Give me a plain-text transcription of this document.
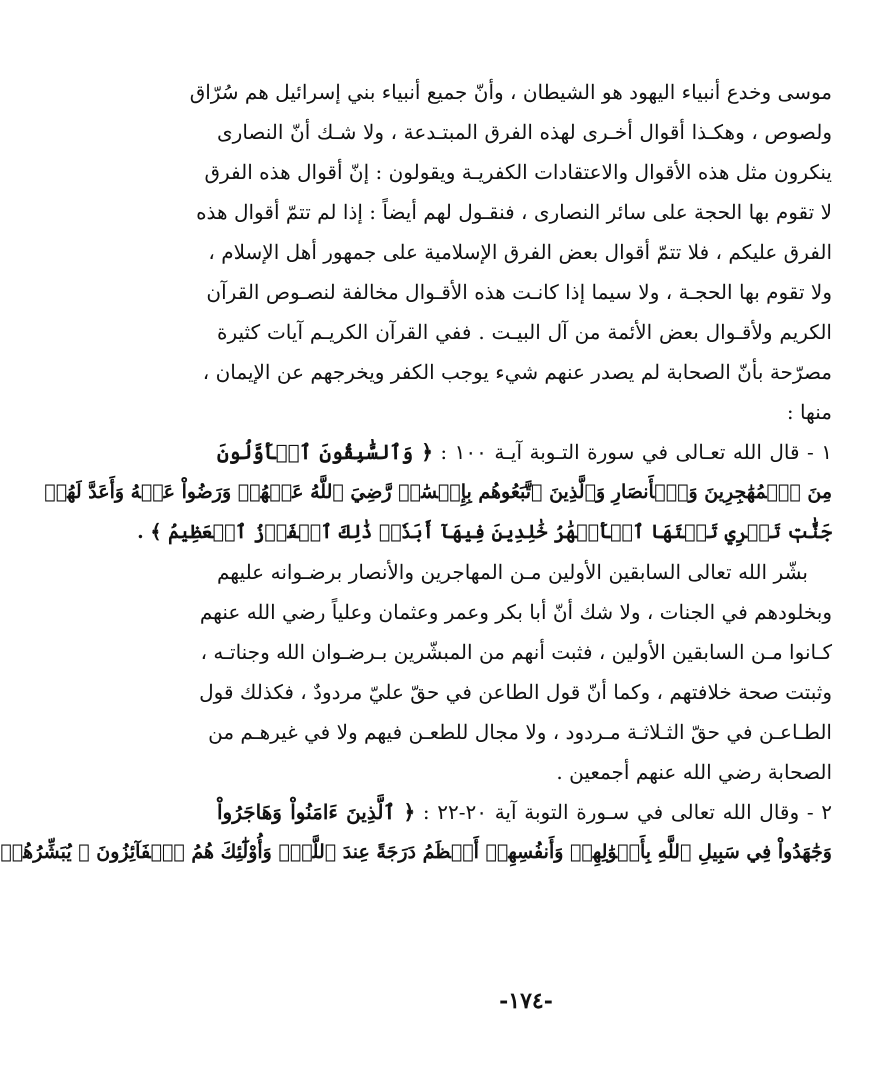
موسى وخدع أنبياء اليهود هو الشيطان ، وأنّ جميع أنبياء بني إسرائيل هم سُرّاق
ولصوص ، وهكـذا أقوال أخـرى لهذه الفرق المبتـدعة ، ولا شـك أنّ النصارى
ينكرون مثل هذه الأقوال والاعتقادات الكفريـة ويقولون : إنّ أقوال هذه الفرق
لا تقوم بها الحجة على سائر النصارى ، فنقـول لهم أيضاً : إذا لم تتمّ أقوال هذه
الفرق عليكم ، فلا تتمّ أقوال بعض الفرق الإسلامية على جمهور أهل الإسلام ،
ولا تقوم بها الحجـة ، ولا سيما إذا كانـت هذه الأقـوال مخالفة لنصـوص القرآن
الكريم ولأقـوال بعض الأئمة من آل البيـت . ففي القرآن الكريـم آيات كثيرة
مصرّحة بأنّ الصحابة لم يصدر عنهم شيء يوجب الكفر ويخرجهم عن الإيمان ،
منها :
١ - قال الله تعـالى في سورة التـوبة آيـة ١٠٠ : ﴿ وَٱلسَّٰبِقُونَ ٱلۡأَوَّلُونَ
مِنَ ٱلۡمُهَٰجِرِينَ وَٱلۡأَنصَارِ وَٱلَّذِينَ ٱتَّبَعُوهُم بِإِحۡسَٰنٖ رَّضِيَ ٱللَّهُ عَنۡهُمۡ وَرَضُواْ عَنۡهُ وَأَعَدَّ لَهُمۡ
جَنَّٰتٖ تَجۡرِي تَحۡتَهَا ٱلۡأَنۡهَٰرُ خَٰلِدِينَ فِيهَآ أَبَدٗاۚ ذَٰلِكَ ٱلۡفَوۡزُ ٱلۡعَظِيمُ ﴾ .
بشّر الله تعالى السابقين الأولين مـن المهاجرين والأنصار برضـوانه عليهم
وبخلودهم في الجنات ، ولا شك أنّ أبا بكر وعمر وعثمان وعلياً رضي الله عنهم
كـانوا مـن السابقين الأولين ، فثبت أنهم من المبشّرين بـرضـوان الله وجناتـه ،
وثبتت صحة خلافتهم ، وكما أنّ قول الطاعن في حقّ عليّ مردودٌ ، فكذلك قول
الطـاعـن في حقّ الثـلاثـة مـردود ، ولا مجال للطعـن فيهم ولا في غيرهـم من
الصحابة رضي الله عنهم أجمعين .
٢ - وقال الله تعالى في سـورة التوبة آية ٢٠-٢٢ : ﴿ ٱلَّذِينَ ءَامَنُواْ وَهَاجَرُواْ
وَجَٰهَدُواْ فِي سَبِيلِ ٱللَّهِ بِأَمۡوَٰلِهِمۡ وَأَنفُسِهِمۡ أَعۡظَمُ دَرَجَةً عِندَ ٱللَّهِۚ وَأُوْلَٰٓئِكَ هُمُ ٱلۡفَآئِزُونَ ۞ يُبَشِّرُهُمۡ
-١٧٤-
